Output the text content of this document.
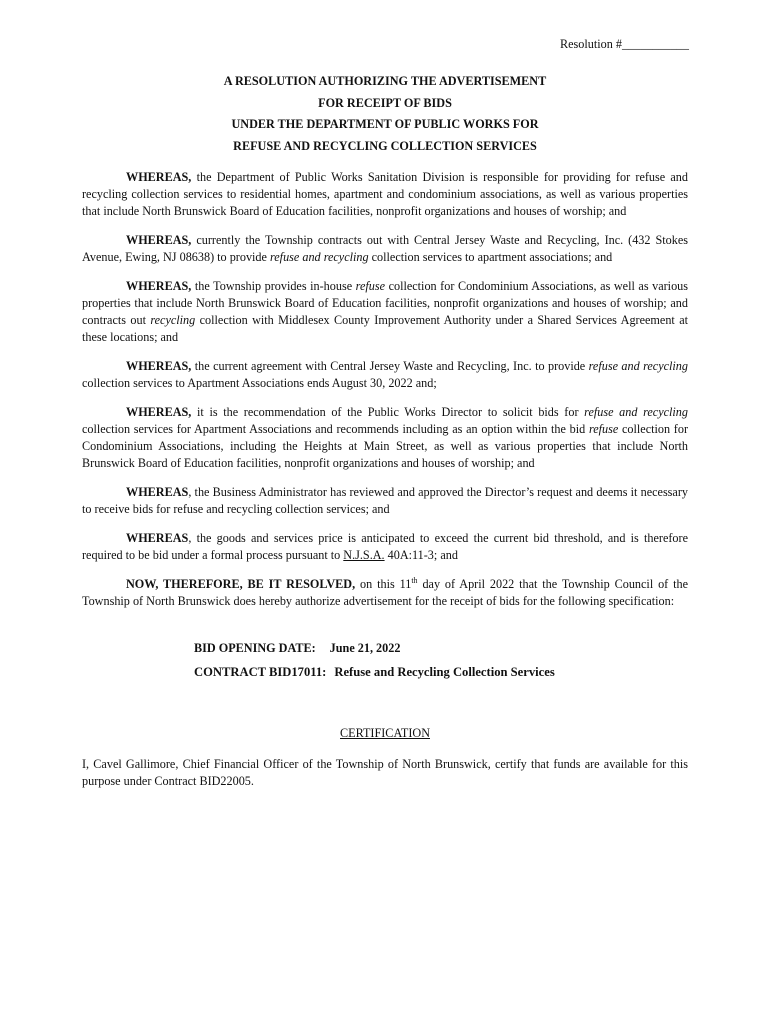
Resolution #___________
A RESOLUTION AUTHORIZING THE ADVERTISEMENT
FOR RECEIPT OF BIDS
UNDER THE DEPARTMENT OF PUBLIC WORKS FOR
REFUSE AND RECYCLING COLLECTION SERVICES
WHEREAS, the Department of Public Works Sanitation Division is responsible for providing for refuse and recycling collection services to residential homes, apartment and condominium associations, as well as various properties that include North Brunswick Board of Education facilities, nonprofit organizations and houses of worship; and
WHEREAS, currently the Township contracts out with Central Jersey Waste and Recycling, Inc. (432 Stokes Avenue, Ewing, NJ 08638) to provide refuse and recycling collection services to apartment associations; and
WHEREAS, the Township provides in-house refuse collection for Condominium Associations, as well as various properties that include North Brunswick Board of Education facilities, nonprofit organizations and houses of worship; and contracts out recycling collection with Middlesex County Improvement Authority under a Shared Services Agreement at these locations; and
WHEREAS, the current agreement with Central Jersey Waste and Recycling, Inc. to provide refuse and recycling collection services to Apartment Associations ends August 30, 2022 and;
WHEREAS, it is the recommendation of the Public Works Director to solicit bids for refuse and recycling collection services for Apartment Associations and recommends including as an option within the bid refuse collection for Condominium Associations, including the Heights at Main Street, as well as various properties that include North Brunswick Board of Education facilities, nonprofit organizations and houses of worship; and
WHEREAS, the Business Administrator has reviewed and approved the Director’s request and deems it necessary to receive bids for refuse and recycling collection services; and
WHEREAS, the goods and services price is anticipated to exceed the current bid threshold, and is therefore required to be bid under a formal process pursuant to N.J.S.A. 40A:11-3; and
NOW, THEREFORE, BE IT RESOLVED, on this 11th day of April 2022 that the Township Council of the Township of North Brunswick does hereby authorize advertisement for the receipt of bids for the following specification:
BID OPENING DATE: June 21, 2022
CONTRACT BID17011: Refuse and Recycling Collection Services
CERTIFICATION
I, Cavel Gallimore, Chief Financial Officer of the Township of North Brunswick, certify that funds are available for this purpose under Contract BID22005.
